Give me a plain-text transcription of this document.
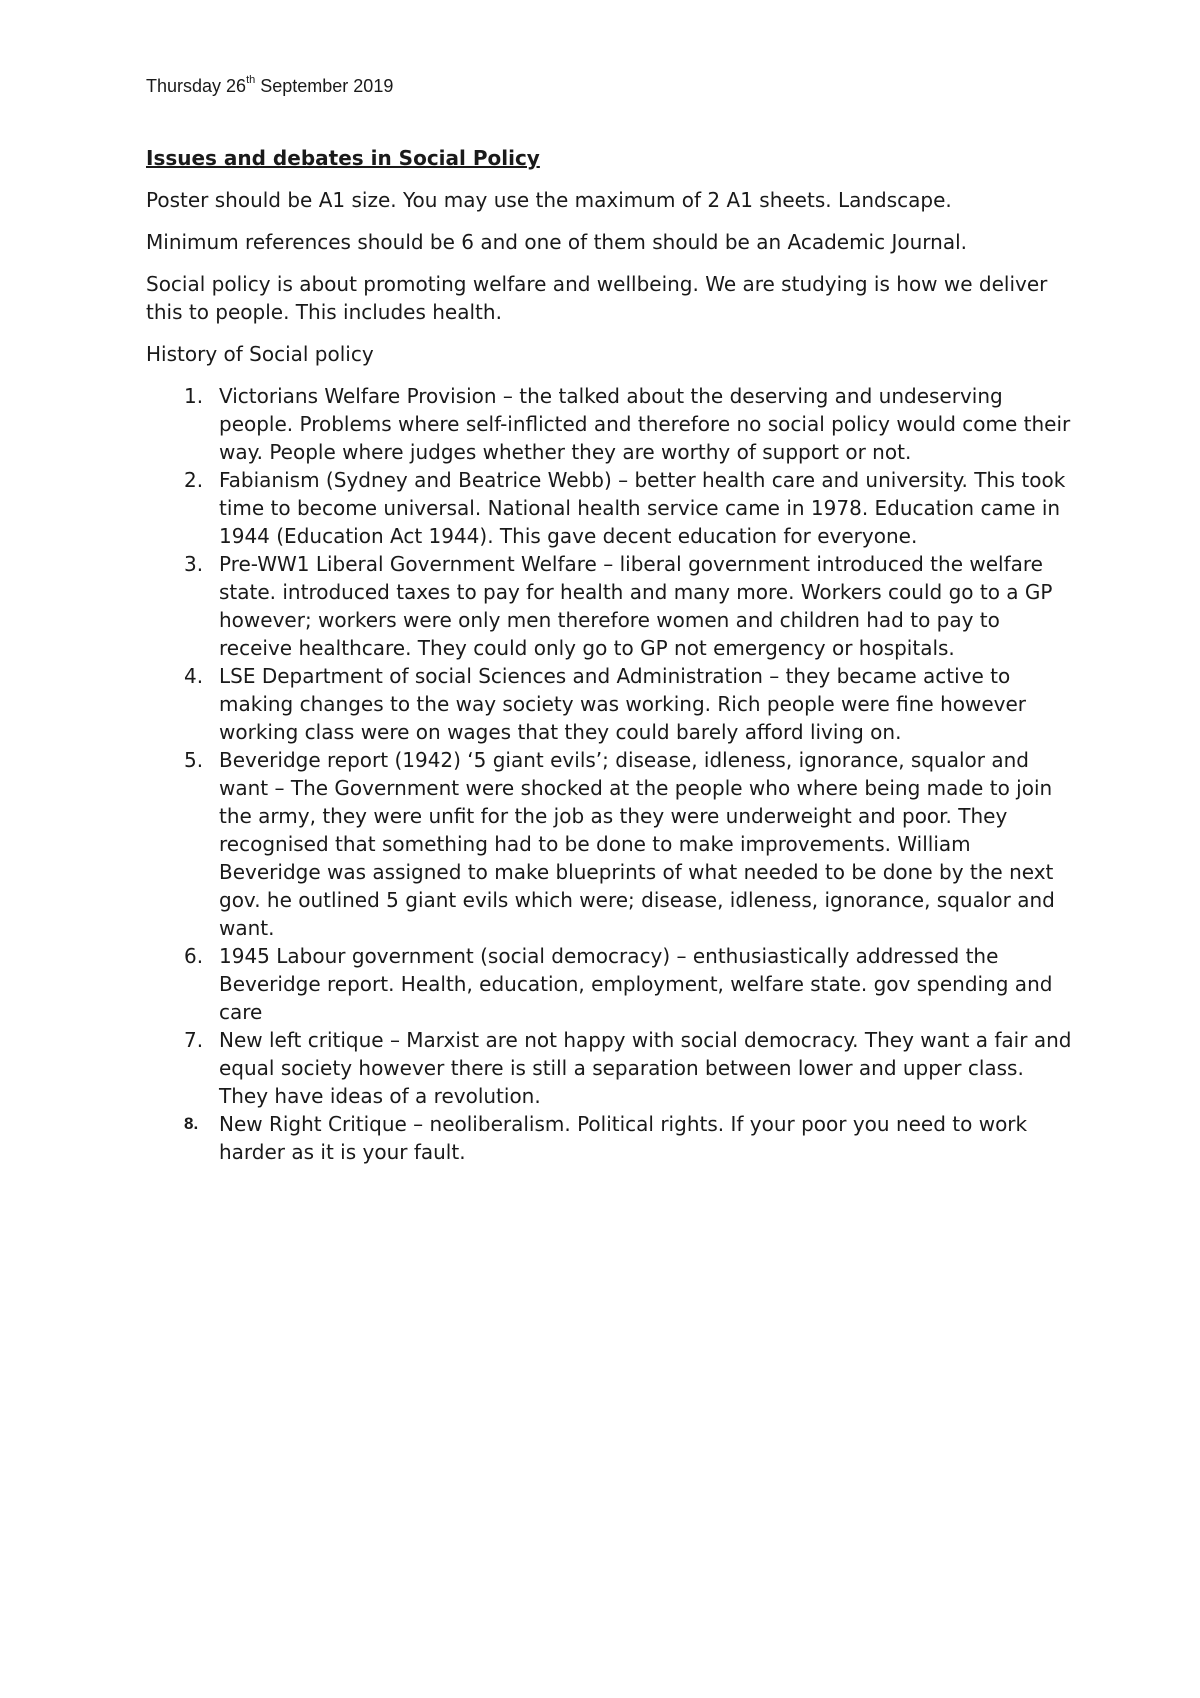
Thursday 26th September 2019
Issues and debates in Social Policy

Poster should be A1 size. You may use the maximum of 2 A1 sheets. Landscape.

Minimum references should be 6 and one of them should be an Academic Journal.

Social policy is about promoting welfare and wellbeing. We are studying is how we deliver this to people. This includes health.

History of Social policy

1. Victorians Welfare Provision – the talked about the deserving and undeserving people. Problems where self-inflicted and therefore no social policy would come their way. People where judges whether they are worthy of support or not.
2. Fabianism (Sydney and Beatrice Webb) – better health care and university. This took time to become universal. National health service came in 1978. Education came in 1944 (Education Act 1944). This gave decent education for everyone.
3. Pre-WW1 Liberal Government Welfare – liberal government introduced the welfare state. introduced taxes to pay for health and many more. Workers could go to a GP however; workers were only men therefore women and children had to pay to receive healthcare. They could only go to GP not emergency or hospitals.
4. LSE Department of social Sciences and Administration – they became active to making changes to the way society was working. Rich people were fine however working class were on wages that they could barely afford living on.
5. Beveridge report (1942) ‘5 giant evils’; disease, idleness, ignorance, squalor and want – The Government were shocked at the people who where being made to join the army, they were unfit for the job as they were underweight and poor. They recognised that something had to be done to make improvements. William Beveridge was assigned to make blueprints of what needed to be done by the next gov. he outlined 5 giant evils which were; disease, idleness, ignorance, squalor and want.
6. 1945 Labour government (social democracy) – enthusiastically addressed the Beveridge report. Health, education, employment, welfare state. gov spending and care
7. New left critique – Marxist are not happy with social democracy. They want a fair and equal society however there is still a separation between lower and upper class. They have ideas of a revolution.
8. New Right Critique – neoliberalism. Political rights. If your poor you need to work harder as it is your fault.
